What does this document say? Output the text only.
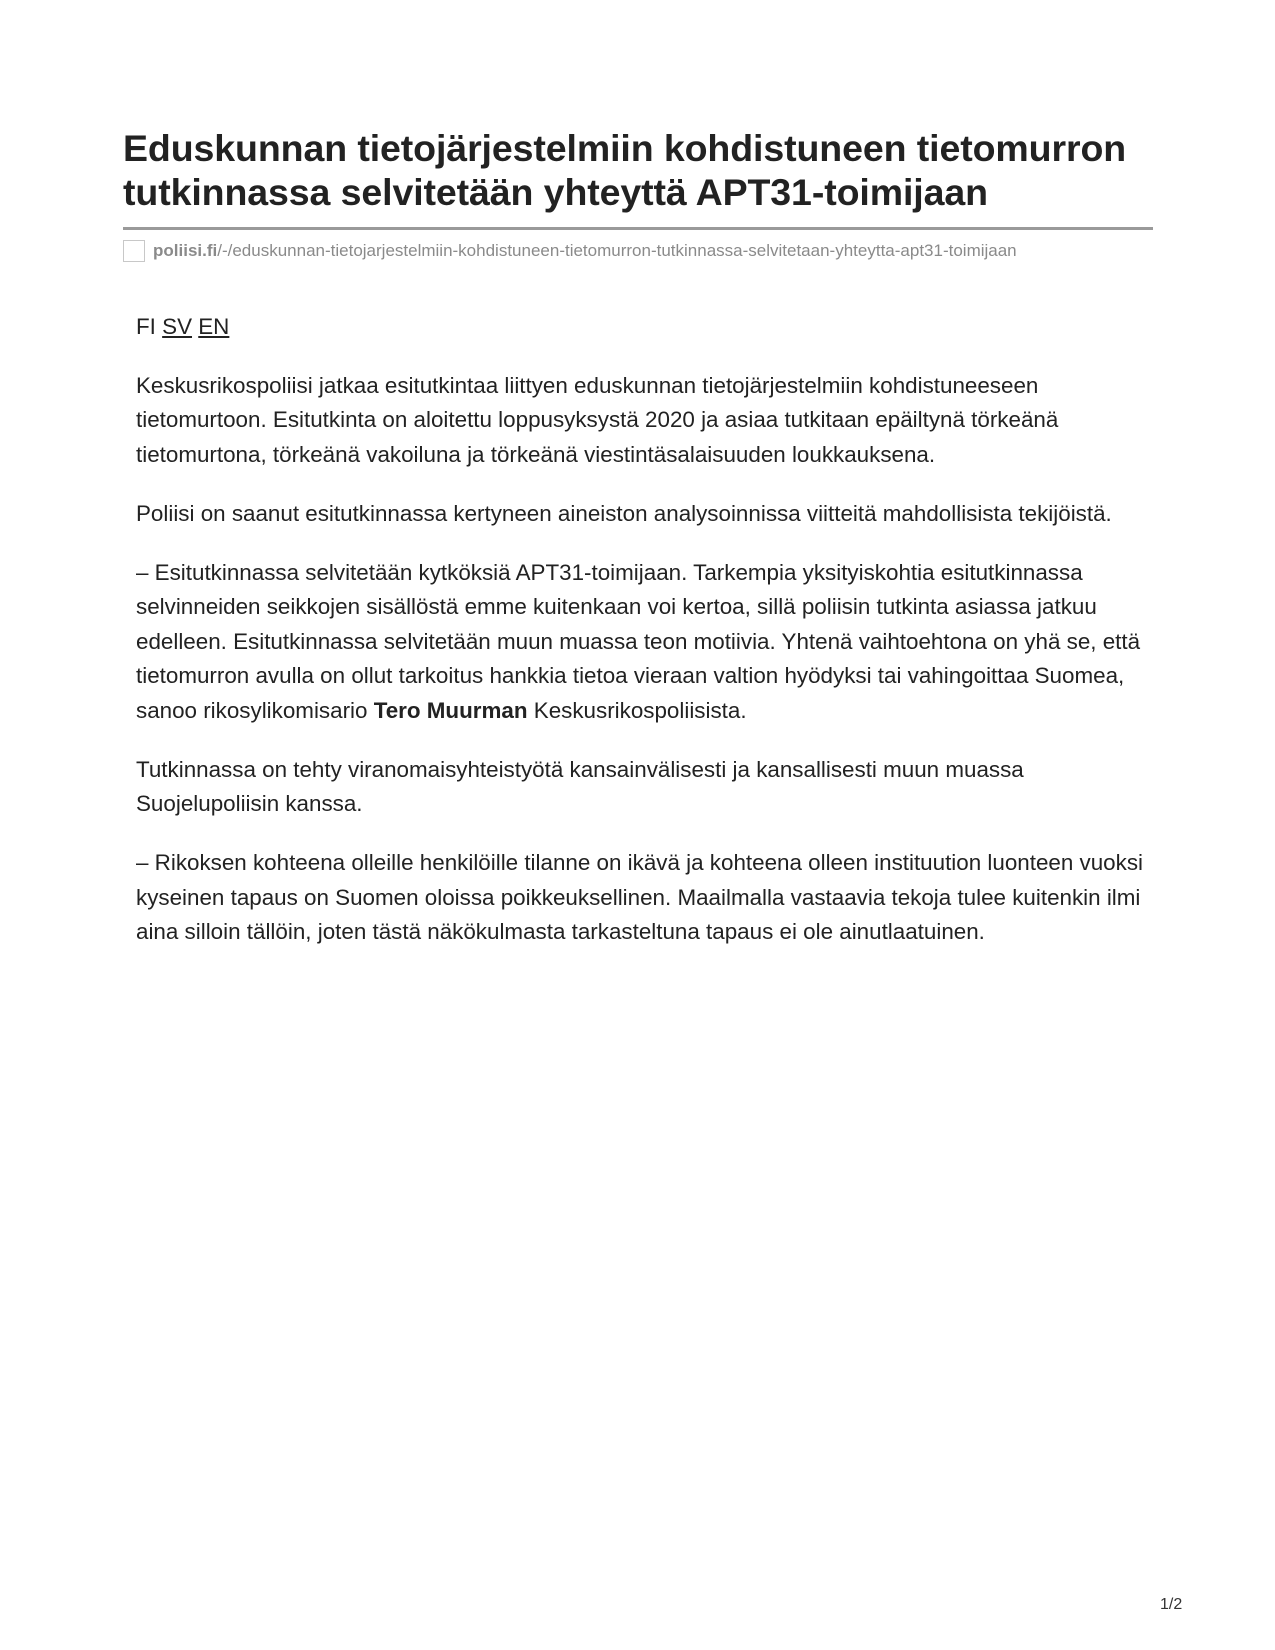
Eduskunnan tietojärjestelmiin kohdistuneen tietomurron tutkinnassa selvitetään yhteyttä APT31-toimijaan
poliisi.fi /-/eduskunnan-tietojarjestelmiin-kohdistuneen-tietomurron-tutkinnassa-selvitetaan-yhteytta-apt31-toimijaan
FI SV EN

Keskusrikospoliisi jatkaa esitutkintaa liittyen eduskunnan tietojärjestelmiin kohdistuneeseen tietomurtoon. Esitutkinta on aloitettu loppusyksystä 2020 ja asiaa tutkitaan epäiltynä törkeänä tietomurtona, törkeänä vakoiluna ja törkeänä viestintäsalaisuuden loukkauksena.

Poliisi on saanut esitutkinnassa kertyneen aineiston analysoinnissa viitteitä mahdollisista tekijöistä.

– Esitutkinnassa selvitetään kytköksiä APT31-toimijaan. Tarkempia yksityiskohtia esitutkinnassa selvinneiden seikkojen sisällöstä emme kuitenkaan voi kertoa, sillä poliisin tutkinta asiassa jatkuu edelleen. Esitutkinnassa selvitetään muun muassa teon motiivia. Yhtenä vaihtoehtona on yhä se, että tietomurron avulla on ollut tarkoitus hankkia tietoa vieraan valtion hyödyksi tai vahingoittaa Suomea, sanoo rikosylikomisario Tero Muurman Keskusrikospoliisista.

Tutkinnassa on tehty viranomaisyhteistyötä kansainvälisesti ja kansallisesti muun muassa Suojelupoliisin kanssa.

– Rikoksen kohteena olleille henkilöille tilanne on ikävä ja kohteena olleen instituution luonteen vuoksi kyseinen tapaus on Suomen oloissa poikkeuksellinen. Maailmalla vastaavia tekoja tulee kuitenkin ilmi aina silloin tällöin, joten tästä näkökulmasta tarkasteltuna tapaus ei ole ainutlaatuinen.

1/2
